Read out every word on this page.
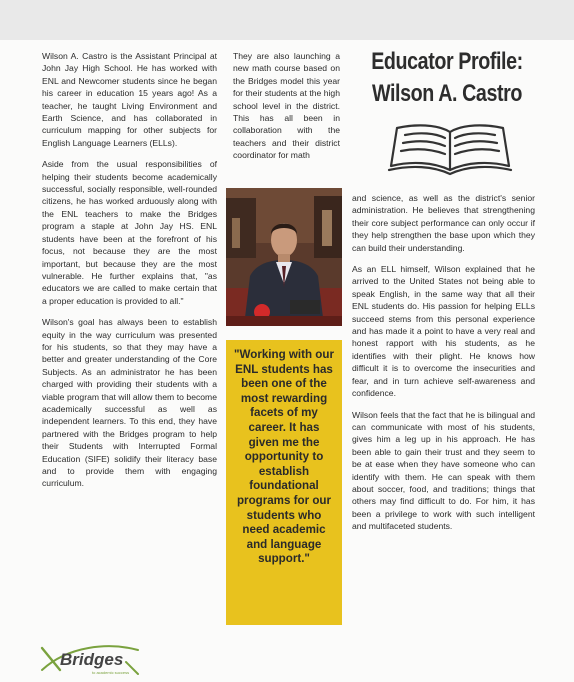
Wilson A. Castro is the Assistant Principal at John Jay High School. He has worked with ENL and Newcomer students since he began his career in education 15 years ago! As a teacher, he taught Living Environment and Earth Science, and has collaborated in curriculum mapping for other subjects for English Language Learners (ELLs).

Aside from the usual responsibilities of helping their students become academically successful, socially responsible, well-rounded citizens, he has worked arduously along with the ENL teachers to make the Bridges program a staple at John Jay HS. ENL students have been at the forefront of his focus, not because they are the most important, but because they are the most vulnerable. He further explains that, "as educators we are called to make certain that a proper education is provided to all."

Wilson's goal has always been to establish equity in the way curriculum was presented for his students, so that they may have a better and greater understanding of the Core Subjects. As an administrator he has been charged with providing their students with a viable program that will allow them to become academically successful as well as independent learners. To this end, they have partnered with the Bridges program to help their Students with Interrupted Formal Education (SIFE) solidify their literacy base and to provide them with engaging curriculum.

They are also launching a new math course based on the Bridges model this year for their students at the high school level in the district. This has all been in collaboration with the teachers and their district coordinator for math

Educator Profile:
Wilson A. Castro
"Working with our ENL students has been one of the most rewarding facets of my career. It has given me the opportunity to establish foundational programs for our students who need academic and language support."

and science, as well as the district's senior administration. He believes that strengthening their core subject performance can only occur if they help strengthen the base upon which they can build their understanding.

As an ELL himself, Wilson explained that he arrived to the United States not being able to speak English, in the same way that all their ENL students do. His passion for helping ELLs succeed stems from this personal experience and has made it a point to have a very real and honest rapport with his students, as he identifies with their plight. He knows how difficult it is to overcome the insecurities and fear, and in turn achieve self-awareness and confidence.

Wilson feels that the fact that he is bilingual and can communicate with most of his students, gives him a leg up in his approach. He has been able to gain their trust and they seem to be at ease when they have someone who can identify with them. He can speak with them about soccer, food, and traditions; things that others may find difficult to do. For him, it has been a privilege to work with such intelligent and multifaceted students.

Bridges
to academic success
